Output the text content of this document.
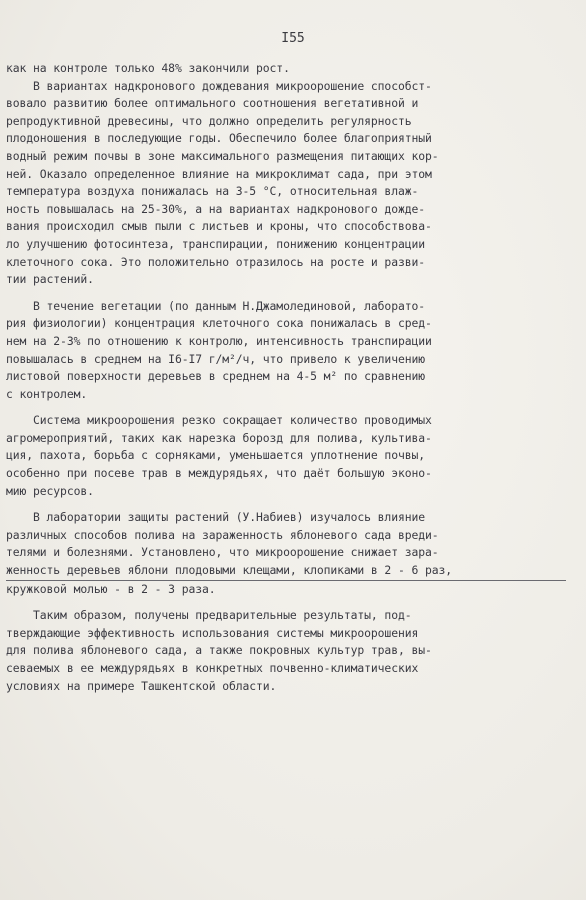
I55
как на контроле только 48% закончили рост.
В вариантах надкронового дождевания микроорошение способст-
вовало развитию более оптимального соотношения вегетативной и
репродуктивной древесины, что должно определить регулярность
плодоношения в последующие годы. Обеспечило более благоприятный
водный режим почвы в зоне максимального размещения питающих кор-
ней. Оказало определенное влияние на микроклимат сада, при этом
температура воздуха понижалась на 3-5 °С, относительная влаж-
ность повышалась на 25-30%, а на вариантах надкронового дожде-
вания происходил смыв пыли с листьев и кроны, что способствова-
ло улучшению фотосинтеза, транспирации, понижению концентрации
клеточного сока. Это положительно отразилось на росте и разви-
тии растений.
В течение вегетации (по данным Н.Джамолединовой, лаборато-
рия физиологии) концентрация клеточного сока понижалась в сред-
нем на 2-3% по отношению к контролю, интенсивность транспирации
повышалась в среднем на I6-I7 г/м²/ч, что привело к увеличению
листовой поверхности деревьев в среднем на 4-5 м² по сравнению
с контролем.
Система микроорошения резко сокращает количество проводимых
агромероприятий, таких как нарезка борозд для полива, культива-
ция, пахота, борьба с сорняками, уменьшается уплотнение почвы,
особенно при посеве трав в междурядьях, что даёт большую эконо-
мию ресурсов.
В лаборатории защиты растений (У.Набиев) изучалось влияние
различных способов полива на зараженность яблоневого сада вреди-
телями и болезнями. Установлено, что микроорошение снижает зара-
женность деревьев яблони плодовыми клещами, клопиками в 2 - 6 раз,
кружковой молью - в 2 - 3 раза.
Таким образом, получены предварительные результаты, под-
тверждающие эффективность использования системы микроорошения
для полива яблоневого сада, а также покровных культур трав, вы-
севаемых в ее междурядьях в конкретных почвенно-климатических
условиях на примере Ташкентской области.
